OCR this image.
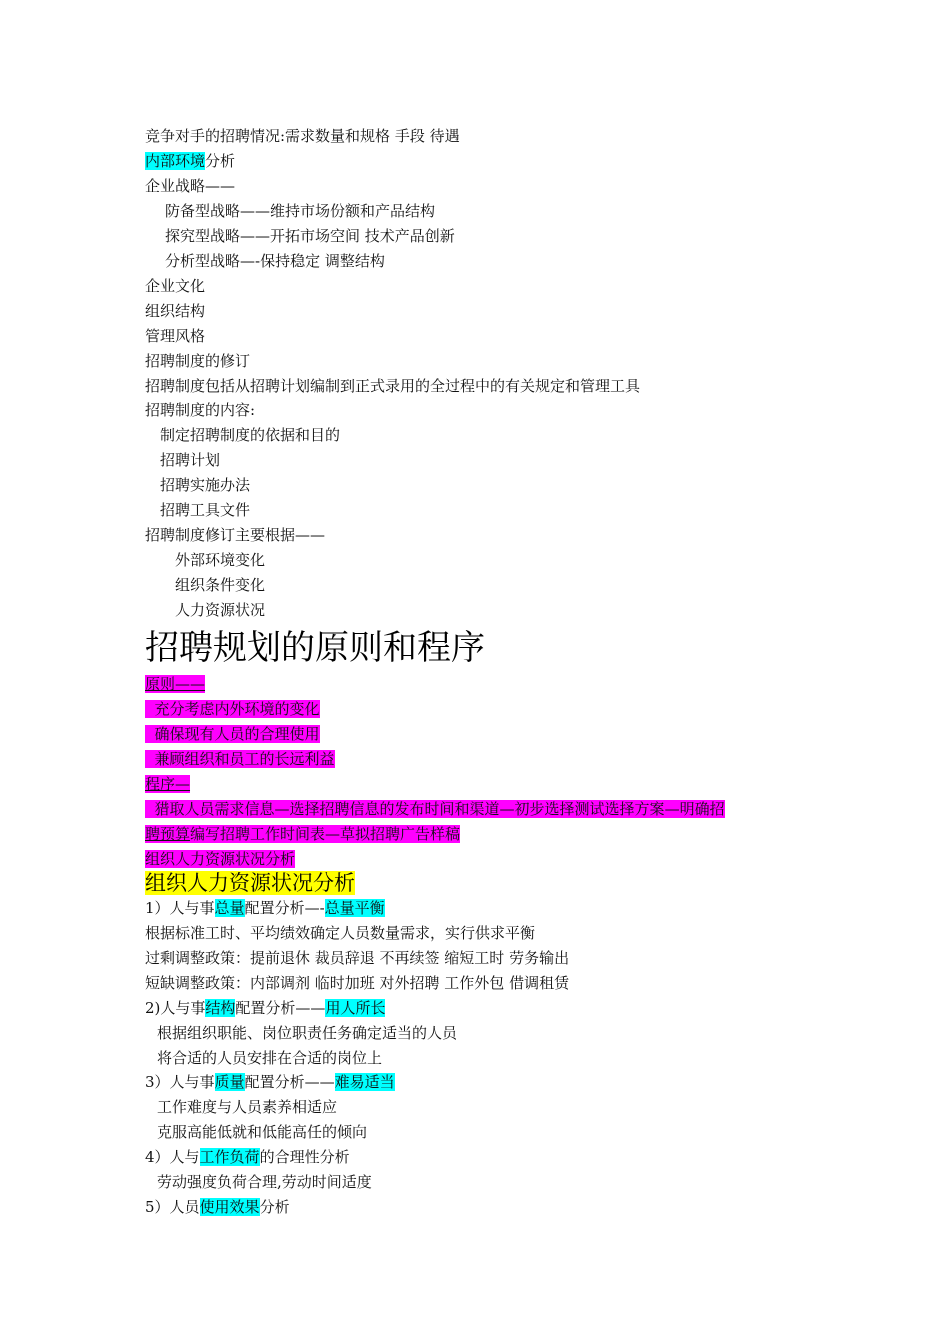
竞争对手的招聘情况:需求数量和规格 手段 待遇
内部环境分析
企业战略——
防备型战略——维持市场份额和产品结构
探究型战略——开拓市场空间 技术产品创新
分析型战略—-保持稳定 调整结构
企业文化
组织结构
管理风格
招聘制度的修订
招聘制度包括从招聘计划编制到正式录用的全过程中的有关规定和管理工具
招聘制度的内容:
制定招聘制度的依据和目的
招聘计划
招聘实施办法
招聘工具文件
招聘制度修订主要根据——
外部环境变化
组织条件变化
人力资源状况
招聘规划的原则和程序
原则——
充分考虑内外环境的变化
确保现有人员的合理使用
兼顾组织和员工的长远利益
程序—
猎取人员需求信息—选择招聘信息的发布时间和渠道—初步选择测试选择方案—明确招
聘预算编写招聘工作时间表—草拟招聘广告样稿
组织人力资源状况分析
组织人力资源状况分析
1）人与事总量配置分析—-总量平衡
根据标准工时、平均绩效确定人员数量需求，实行供求平衡
过剩调整政策：提前退休 裁员辞退 不再续签 缩短工时 劳务输出
短缺调整政策：内部调剂 临时加班 对外招聘 工作外包 借调租赁
2)人与事结构配置分析——用人所长
根据组织职能、岗位职责任务确定适当的人员
将合适的人员安排在合适的岗位上
3）人与事质量配置分析——难易适当
工作难度与人员素养相适应
克服高能低就和低能高任的倾向
4）人与工作负荷的合理性分析
劳动强度负荷合理,劳动时间适度
5）人员使用效果分析
